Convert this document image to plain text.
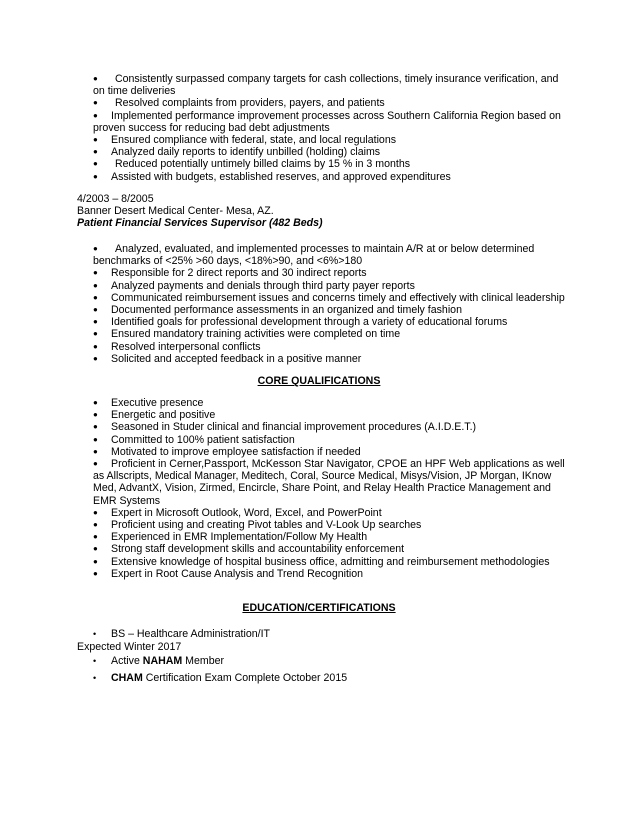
● Consistently surpassed company targets for cash collections, timely insurance verification, and on time deliveries
● Resolved complaints from providers, payers, and patients
● Implemented performance improvement processes across Southern California Region based on proven success for reducing bad debt adjustments
● Ensured compliance with federal, state, and local regulations
● Analyzed daily reports to identify unbilled (holding) claims
● Reduced potentially untimely billed claims by 15 % in 3 months
● Assisted with budgets, established reserves, and approved expenditures
4/2003 – 8/2005
Banner Desert Medical Center- Mesa, AZ.
Patient Financial Services Supervisor (482 Beds)
● Analyzed, evaluated, and implemented processes to maintain A/R at or below determined benchmarks of <25% >60 days, <18%>90, and <6%>180
● Responsible for 2 direct reports and 30 indirect reports
● Analyzed payments and denials through third party payer reports
● Communicated reimbursement issues and concerns timely and effectively with clinical leadership
● Documented performance assessments in an organized and timely fashion
● Identified goals for professional development through a variety of educational forums
● Ensured mandatory training activities were completed on time
● Resolved interpersonal conflicts
● Solicited and accepted feedback in a positive manner
CORE QUALIFICATIONS
● Executive presence
● Energetic and positive
● Seasoned in Studer clinical and financial improvement procedures (A.I.D.E.T.)
● Committed to 100% patient satisfaction
● Motivated to improve employee satisfaction if needed
● Proficient in Cerner,Passport, McKesson Star Navigator, CPOE an HPF Web applications as well as Allscripts, Medical Manager, Meditech, Coral, Source Medical, Misys/Vision, JP Morgan, IKnow Med, AdvantX, Vision, Zirmed, Encircle, Share Point, and Relay Health Practice Management and EMR Systems
● Expert in Microsoft Outlook, Word, Excel, and PowerPoint
● Proficient using and creating Pivot tables and V-Look Up searches
● Experienced in EMR Implementation/Follow My Health
● Strong staff development skills and accountability enforcement
● Extensive knowledge of hospital business office, admitting and reimbursement methodologies
● Expert in Root Cause Analysis and Trend Recognition
EDUCATION/CERTIFICATIONS
• BS – Healthcare Administration/IT
Expected Winter 2017
• Active NAHAM Member
• CHAM Certification Exam Complete October 2015
